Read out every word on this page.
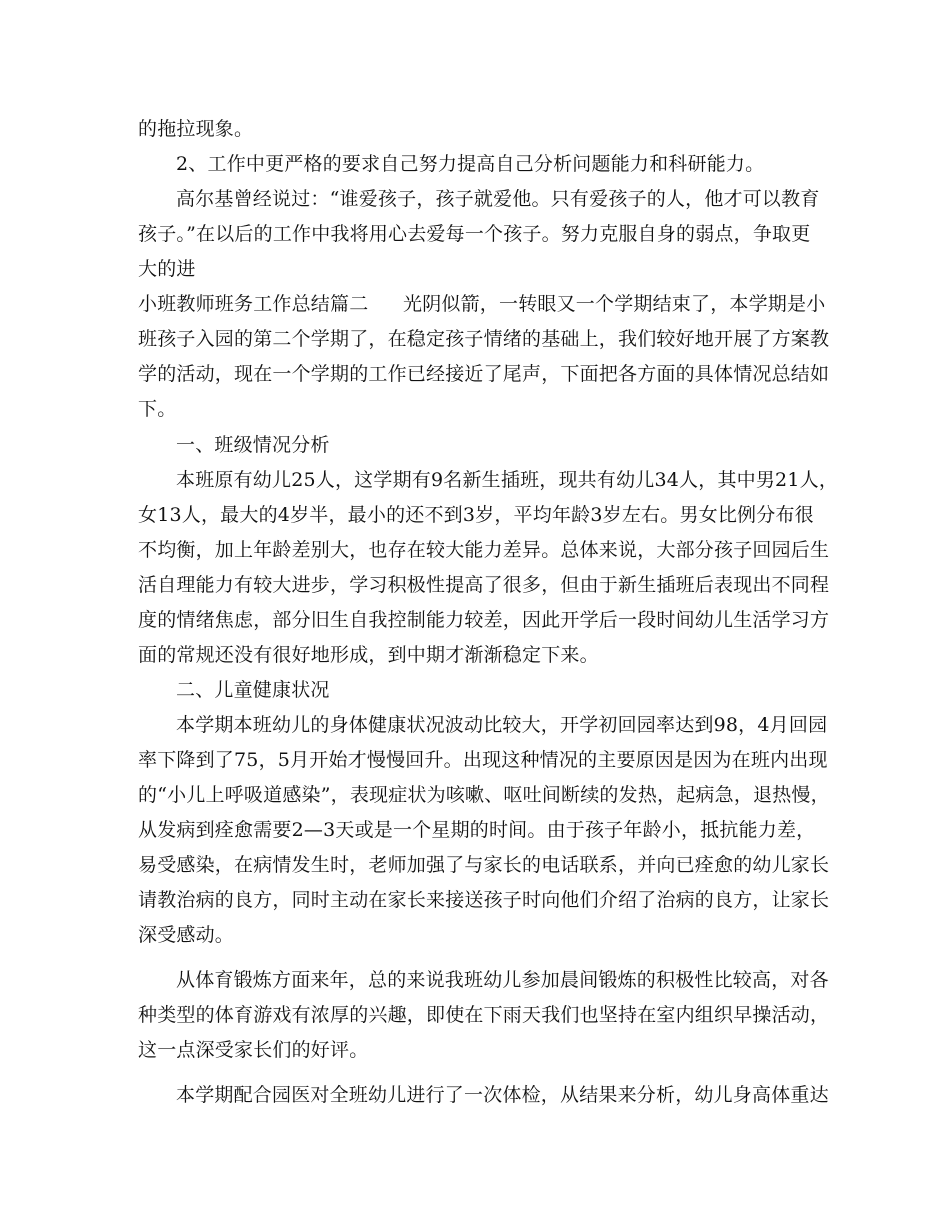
的拖拉现象。
2、工作中更严格的要求自己努力提高自己分析问题能力和科研能力。
高尔基曾经说过：“谁爱孩子，孩子就爱他。只有爱孩子的人，他才可以教育
孩子。”在以后的工作中我将用心去爱每一个孩子。努力克服自身的弱点，争取更
大的进
小班教师班务工作总结篇二 光阴似箭，一转眼又一个学期结束了，本学期是小
班孩子入园的第二个学期了，在稳定孩子情绪的基础上，我们较好地开展了方案教
学的活动，现在一个学期的工作已经接近了尾声，下面把各方面的具体情况总结如
下。
一、班级情况分析
本班原有幼儿25人，这学期有9名新生插班，现共有幼儿34人，其中男21人，
女13人，最大的4岁半，最小的还不到3岁，平均年龄3岁左右。男女比例分布很
不均衡，加上年龄差别大，也存在较大能力差异。总体来说，大部分孩子回园后生
活自理能力有较大进步，学习积极性提高了很多，但由于新生插班后表现出不同程
度的情绪焦虑，部分旧生自我控制能力较差，因此开学后一段时间幼儿生活学习方
面的常规还没有很好地形成，到中期才渐渐稳定下来。
二、儿童健康状况
本学期本班幼儿的身体健康状况波动比较大，开学初回园率达到98，4月回园
率下降到了75，5月开始才慢慢回升。出现这种情况的主要原因是因为在班内出现
的“小儿上呼吸道感染”，表现症状为咳嗽、呕吐间断续的发热，起病急，退热慢，
从发病到痊愈需要2—3天或是一个星期的时间。由于孩子年龄小，抵抗能力差，
易受感染，在病情发生时，老师加强了与家长的电话联系，并向已痊愈的幼儿家长
请教治病的良方，同时主动在家长来接送孩子时向他们介绍了治病的良方，让家长
深受感动。
从体育锻炼方面来年，总的来说我班幼儿参加晨间锻炼的积极性比较高，对各
种类型的体育游戏有浓厚的兴趣，即使在下雨天我们也坚持在室内组织早操活动，
这一点深受家长们的好评。
本学期配合园医对全班幼儿进行了一次体检，从结果来分析，幼儿身高体重达
